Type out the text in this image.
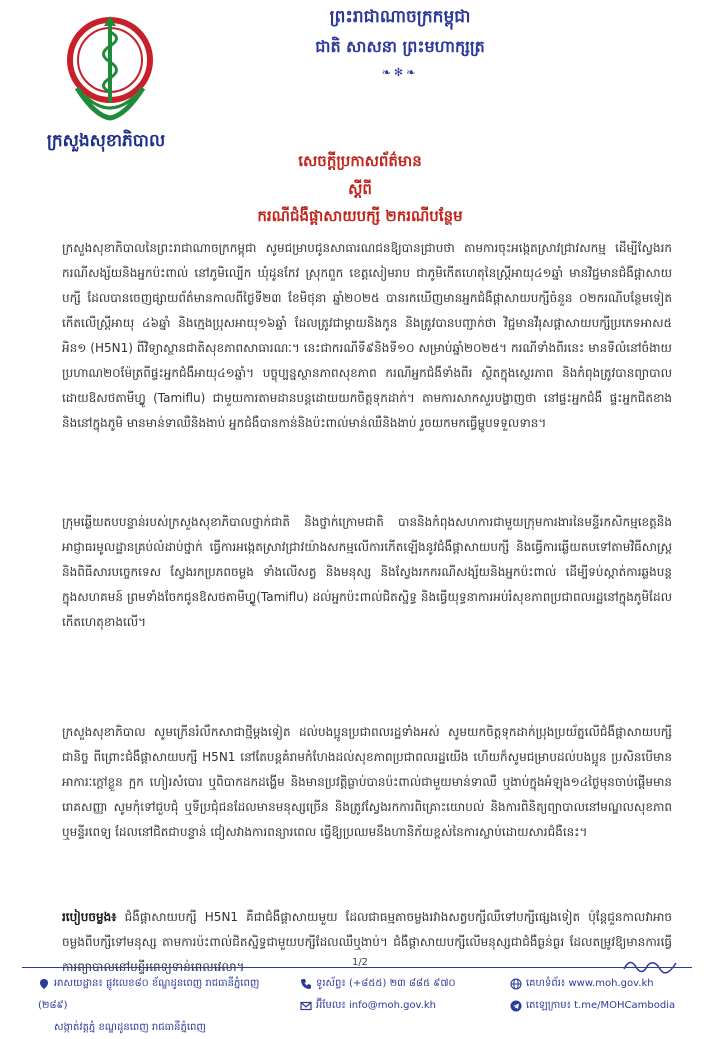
ក្រសួងសុខាភិបាល
ព្រះរាជាណាចក្រកម្ពុជា
ជាតិ សាសនា ព្រះមហាក្សត្រ
❧✻❧
សេចក្តីប្រកាសព័ត៌មាន
ស្តីពី
ករណីជំងឺផ្តាសាយបក្សី ២ករណីបន្ថែម
ក្រសួងសុខាភិបាលនៃព្រះរាជាណាចក្រកម្ពុជា សូមជម្រាបជូនសាធារណជនឱ្យបានជ្រាបថា តាមការចុះអង្កេតស្រាវជ្រាវសកម្ម ដើម្បីស្វែងរកករណីសង្ស័យនិងអ្នកប៉ះពាល់ នៅភូមិល្បើក ឃុំដូនកែវ ស្រុកពួក ខេត្តសៀមរាប ជាភូមិកើតហេតុនៃស្ត្រីអាយុ៤១ឆ្នាំ មានវិជ្ជមានជំងឺផ្តាសាយបក្សី ដែលបានចេញផ្សាយព័ត៌មានកាលពីថ្ងៃទី២៣ ខែមិថុនា ឆ្នាំ២០២៥ បានរកឃើញមានអ្នកជំងឺផ្តាសាយបក្សីចំនួន ០២ករណីបន្ថែមទៀត កើតលើស្ត្រីអាយុ ៤៦ឆ្នាំ និងក្មេងប្រុសអាយុ១៦ឆ្នាំ ដែលត្រូវជាម្តាយនិងកូន និងត្រូវបានបញ្ជាក់ថា វិជ្ជមានវីរុសផ្តាសាយបក្សីប្រភេទអាស៥ អិន១ (H5N1) ពីវិទ្យាស្ថានជាតិសុខភាពសាធារណៈ។ នេះជាករណីទី៩និងទី១០ សម្រាប់ឆ្នាំ២០២៥។ ករណីទាំងពីរនេះ មានទីលំនៅចំងាយប្រហាណ២០ម៉ែត្រពីផ្ទះអ្នកជំងឺអាយុ៤១ឆ្នាំ។ បច្ចុប្បន្នស្ថានភាពសុខភាព ករណីអ្នកជំងឺទាំងពីរ ស្ថិតក្នុងស្ថេរភាព និងកំពុងត្រូវបានព្យាបាលដោយឱសថតាមីហ្វ្លូ (Tamiflu) ជាមួយការតាមដានបន្តដោយយកចិត្តទុកដាក់។ តាមការសាកសួរបង្ហាញថា នៅផ្ទះអ្នកជំងឺ ផ្ទះអ្នកជិតខាង និងនៅក្នុងភូមិ មានមាន់ទាឈឺនិងងាប់ អ្នកជំងឺបានកាន់និងប៉ះពាល់មាន់ឈឺនិងងាប់ រួចយកមកធ្វើម្ហូបទទួលទាន។
ក្រុមឆ្លើយតបបន្ទាន់របស់ក្រសួងសុខាភិបាលថ្នាក់ជាតិ និងថ្នាក់ក្រោមជាតិ បាននិងកំពុងសហការជាមួយក្រុមការងារនៃមន្ទីរកសិកម្មខេត្តនិងអាជ្ញាធរមូលដ្ឋានគ្រប់លំដាប់ថ្នាក់ ធ្វើការអង្កេតស្រាវជ្រាវយ៉ាងសកម្មលើការកើតឡើងនូវជំងឺផ្តាសាយបក្សី និងធ្វើការឆ្លើយតបទៅតាមវិធីសាស្ត្រ និងពិធីសារបច្ចេកទេស ស្វែងរកប្រភពចម្លង ទាំងលើសត្វ និងមនុស្ស និងស្វែងរកករណីសង្ស័យនិងអ្នកប៉ះពាល់ ដើម្បីទប់ស្កាត់ការឆ្លងបន្តក្នុងសហគមន៍ ព្រមទាំងចែកជូនឱសថតាមីហ្វ្លូ(Tamiflu) ដល់អ្នកប៉ះពាល់ជិតស្និទ្ធ និងធ្វើយុទ្ធនាការអប់រំសុខភាពប្រជាពលរដ្ឋនៅក្នុងភូមិដែលកើតហេតុខាងលើ។
ក្រសួងសុខាភិបាល សូមក្រើនរំលឹកសាជាថ្មីម្តងទៀត ដល់បងប្អូនប្រជាពលរដ្ឋទាំងអស់ សូមយកចិត្តទុកដាក់ប្រុងប្រយ័ត្នលើជំងឺផ្តាសាយបក្សីជានិច្ច ពីព្រោះជំងឺផ្តាសាយបក្សី H5N1 នៅតែបន្តគំរាមកំហែងដល់សុខភាពប្រជាពលរដ្ឋយើង ហើយក៏សូមជម្រាបដល់បងប្អូន ប្រសិនបើមានអាការៈក្តៅខ្លួន ក្អក ហៀរសំបោរ ឬពិបាកដកដង្ហើម និងមានប្រវត្តិធ្លាប់បានប៉ះពាល់ជាមួយមាន់ទាឈឺ ឬងាប់ក្នុងអំឡុង១៤ថ្ងៃមុនចាប់ផ្តើមមានរោគសញ្ញា សូមកុំទៅជួបជុំ ឬទីប្រជុំជនដែលមានមនុស្សច្រើន និងត្រូវស្វែងរកការពិគ្រោះយោបល់ និងការពិនិត្យព្យាបាលនៅមណ្ឌលសុខភាព ឬមន្ទីរពេទ្យ ដែលនៅជិតជាបន្ទាន់ ជៀសវាងការពន្យារពេល ធ្វើឱ្យប្រឈមនឹងហានិភ័យខ្ពស់នៃការស្លាប់ដោយសារជំងឺនេះ។
របៀបចម្លង៖ ជំងឺផ្តាសាយបក្សី H5N1 គឺជាជំងឺផ្តាសាយមួយ ដែលជាធម្មតាចម្លងរវាងសត្វបក្សីឈឺទៅបក្សីផ្សេងទៀត ប៉ុន្តែជួនកាលវាអាចចម្លងពីបក្សីទៅមនុស្ស តាមការប៉ះពាល់ជិតស្និទ្ធជាមួយបក្សីដែលឈឺឬងាប់។ ជំងឺផ្តាសាយបក្សីលើមនុស្សជាជំងឺធ្ងន់ធ្ងរ ដែលតម្រូវឱ្យមានការធ្វើការព្យាបាលនៅមន្ទីរពេទ្យទាន់ពេលវេលា។	1/2
អាសយដ្ឋាន៖ ផ្លូវលេខ៨០ ខ័ណ្ឌដូនពេញ រាជធានីភ្នំពេញ (២៨៩)
សង្កាត់វត្តភ្នំ ខណ្ឌដូនពេញ រាជធានីភ្នំពេញ
ទូរស័ព្ទ៖ (+៨៥៥) ២៣ ៨៨៥ ៩៧០
អ៊ីមែល៖ info@moh.gov.kh
គេហទំព័រ៖ www.moh.gov.kh
តេឡេក្រាម៖ t.me/MOHCambodia
